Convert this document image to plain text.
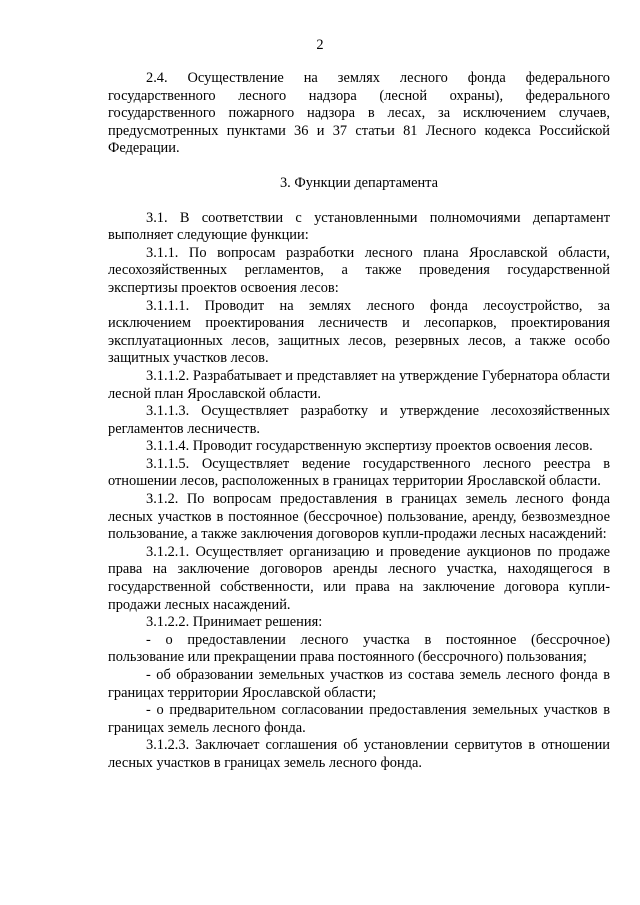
2

2.4. Осуществление на землях лесного фонда федерального государственного лесного надзора (лесной охраны), федерального государственного пожарного надзора в лесах, за исключением случаев, предусмотренных пунктами 36 и 37 статьи 81 Лесного кодекса Российской Федерации.

3. Функции департамента

3.1. В соответствии с установленными полномочиями департамент выполняет следующие функции:

3.1.1. По вопросам разработки лесного плана Ярославской области, лесохозяйственных регламентов, а также проведения государственной экспертизы проектов освоения лесов:

3.1.1.1. Проводит на землях лесного фонда лесоустройство, за исключением проектирования лесничеств и лесопарков, проектирования эксплуатационных лесов, защитных лесов, резервных лесов, а также особо защитных участков лесов.

3.1.1.2. Разрабатывает и представляет на утверждение Губернатора области лесной план Ярославской области.

3.1.1.3. Осуществляет разработку и утверждение лесохозяйственных регламентов лесничеств.

3.1.1.4. Проводит государственную экспертизу проектов освоения лесов.

3.1.1.5. Осуществляет ведение государственного лесного реестра в отношении лесов, расположенных в границах территории Ярославской области.

3.1.2. По вопросам предоставления в границах земель лесного фонда лесных участков в постоянное (бессрочное) пользование, аренду, безвозмездное пользование, а также заключения договоров купли-продажи лесных насаждений:

3.1.2.1. Осуществляет организацию и проведение аукционов по продаже права на заключение договоров аренды лесного участка, находящегося в государственной собственности, или права на заключение договора купли-продажи лесных насаждений.

3.1.2.2. Принимает решения:

- о предоставлении лесного участка в постоянное (бессрочное) пользование или прекращении права постоянного (бессрочного) пользования;

- об образовании земельных участков из состава земель лесного фонда в границах территории Ярославской области;

- о предварительном согласовании предоставления земельных участков в границах земель лесного фонда.

3.1.2.3. Заключает соглашения об установлении сервитутов в отношении лесных участков в границах земель лесного фонда.
